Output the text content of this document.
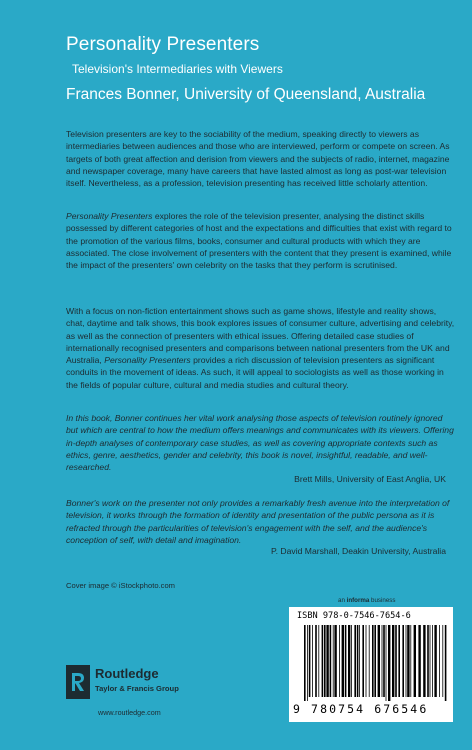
Personality Presenters
Television's Intermediaries with Viewers
Frances Bonner, University of Queensland, Australia

Television presenters are key to the sociability of the medium, speaking directly to viewers as intermediaries between audiences and those who are interviewed, perform or compete on screen. As targets of both great affection and derision from viewers and the subjects of radio, internet, magazine and newspaper coverage, many have careers that have lasted almost as long as post-war television itself. Nevertheless, as a profession, television presenting has received little scholarly attention.

Personality Presenters explores the role of the television presenter, analysing the distinct skills possessed by different categories of host and the expectations and difficulties that exist with regard to the promotion of the various films, books, consumer and cultural products with which they are associated. The close involvement of presenters with the content that they present is examined, while the impact of the presenters' own celebrity on the tasks that they perform is scrutinised.

With a focus on non-fiction entertainment shows such as game shows, lifestyle and reality shows, chat, daytime and talk shows, this book explores issues of consumer culture, advertising and celebrity, as well as the connection of presenters with ethical issues. Offering detailed case studies of internationally recognised presenters and comparisons between national presenters from the UK and Australia, Personality Presenters provides a rich discussion of television presenters as significant conduits in the movement of ideas. As such, it will appeal to sociologists as well as those working in the fields of popular culture, cultural and media studies and cultural theory.

In this book, Bonner continues her vital work analysing those aspects of television routinely ignored but which are central to how the medium offers meanings and communicates with its viewers. Offering in-depth analyses of contemporary case studies, as well as covering appropriate contexts such as ethics, genre, aesthetics, gender and celebrity, this book is novel, insightful, readable, and well-researched.

Brett Mills, University of East Anglia, UK

Bonner's work on the presenter not only provides a remarkably fresh avenue into the interpretation of television, it works through the formation of identity and presentation of the public persona as it is refracted through the particularities of television's engagement with the self, and the audience's conception of self, with detail and imagination.

P. David Marshall, Deakin University, Australia
Cover image © iStockphoto.com
an informa business
ISBN 978-0-7546-7654-6
9 780754 676546
Routledge
Taylor & Francis Group
www.routledge.com
